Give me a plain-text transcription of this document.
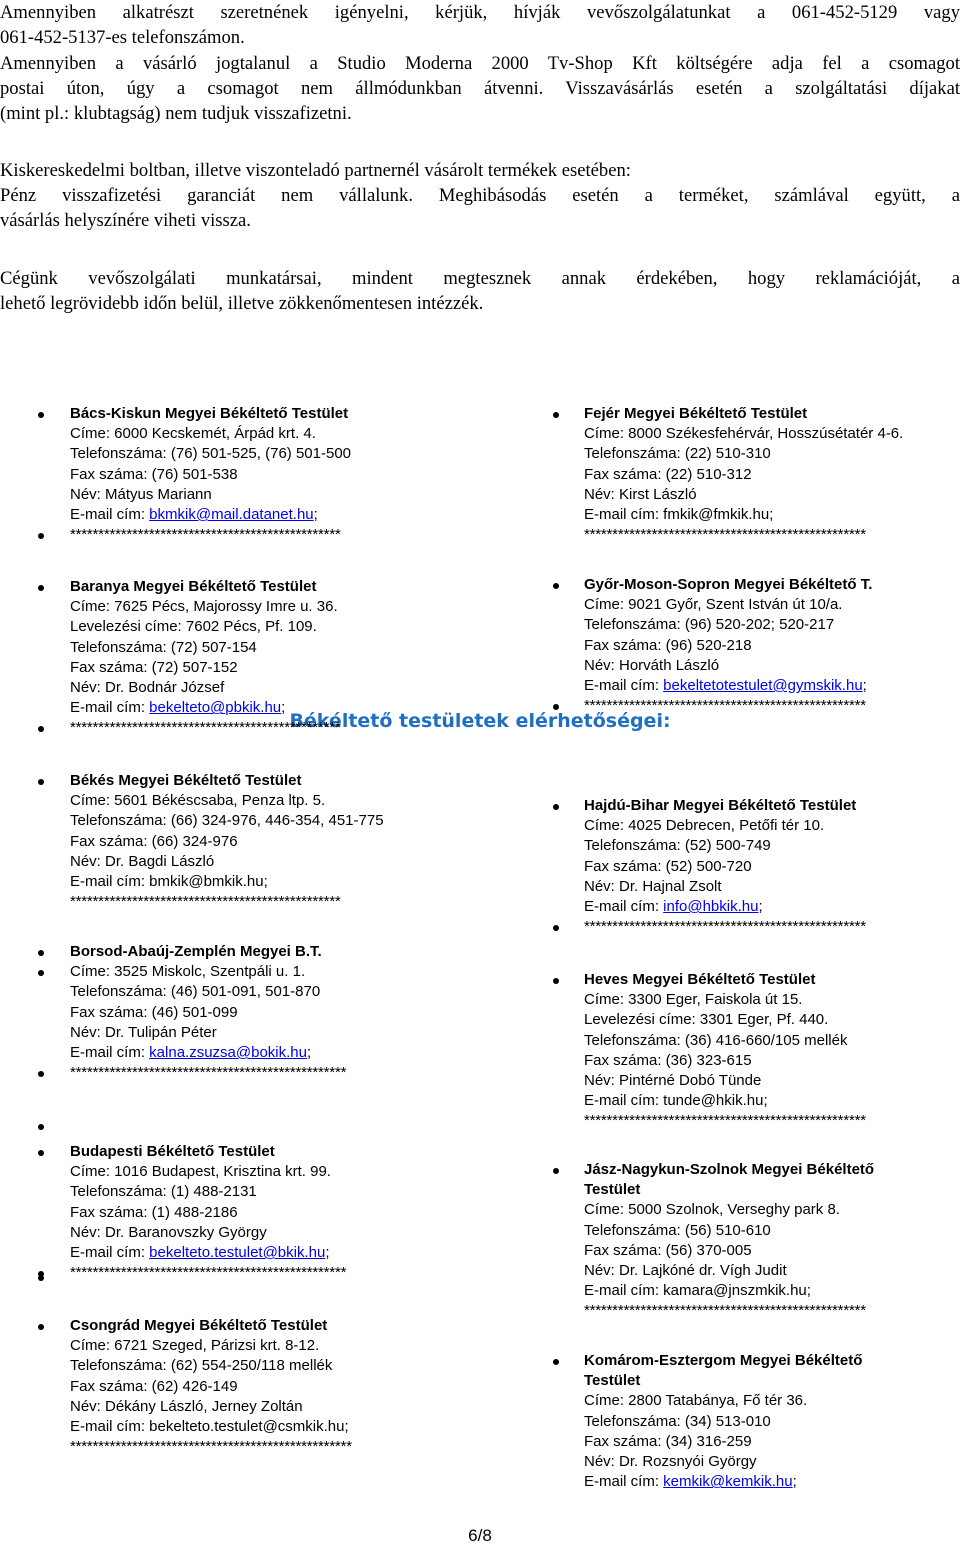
Amennyiben alkatrészt szeretnének igényelni, kérjük, hívják vevőszolgálatunkat a 061-452-5129 vagy
061-452-5137-es telefonszámon.
Amennyiben a vásárló jogtalanul a Studio Moderna 2000 Tv-Shop Kft költségére adja fel a csomagot
postai úton, úgy a csomagot nem állmódunkban átvenni. Visszavásárlás esetén a szolgáltatási díjakat
(mint pl.: klubtagság) nem tudjuk visszafizetni.
Kiskereskedelmi boltban, illetve viszonteladó partnernél vásárolt termékek esetében:
Pénz visszafizetési garanciát nem vállalunk. Meghibásodás esetén a terméket, számlával együtt, a
vásárlás helyszínére viheti vissza.
Cégünk vevőszolgálati munkatársai, mindent megtesznek annak érdekében, hogy reklamációját, a
lehető legrövidebb időn belül, illetve zökkenőmentesen intézzék.
Békéltető testületek elérhetőségei:
Bács-Kiskun Megyei Békéltető Testület
Címe: 6000 Kecskemét, Árpád krt. 4.
Telefonszáma: (76) 501-525, (76) 501-500
Fax száma: (76) 501-538
Név: Mátyus Mariann
E-mail cím: bkmkik@mail.datanet.hu;
************************************************
Baranya Megyei Békéltető Testület
Címe: 7625 Pécs, Majorossy Imre u. 36.
Levelezési címe: 7602 Pécs, Pf. 109.
Telefonszáma: (72) 507-154
Fax száma: (72) 507-152
Név: Dr. Bodnár József
E-mail cím: bekelteto@pbkik.hu;
************************************************
Békés Megyei Békéltető Testület
Címe: 5601 Békéscsaba, Penza ltp. 5.
Telefonszáma: (66) 324-976, 446-354, 451-775
Fax száma: (66) 324-976
Név: Dr. Bagdi László
E-mail cím: bmkik@bmkik.hu;
************************************************
Borsod-Abaúj-Zemplén Megyei B.T.
Címe: 3525 Miskolc, Szentpáli u. 1.
Telefonszáma: (46) 501-091, 501-870
Fax száma: (46) 501-099
Név: Dr. Tulipán Péter
E-mail cím: kalna.zsuzsa@bokik.hu;
*************************************************
Budapesti Békéltető Testület
Címe: 1016 Budapest, Krisztina krt. 99.
Telefonszáma: (1) 488-2131
Fax száma: (1) 488-2186
Név: Dr. Baranovszky György
E-mail cím: bekelteto.testulet@bkik.hu;
*************************************************
Csongrád Megyei Békéltető Testület
Címe: 6721 Szeged, Párizsi krt. 8-12.
Telefonszáma: (62) 554-250/118 mellék
Fax száma: (62) 426-149
Név: Dékány László, Jerney Zoltán
E-mail cím: bekelteto.testulet@csmkik.hu;
**************************************************
Fejér Megyei Békéltető Testület
Címe: 8000 Székesfehérvár, Hosszúsétatér 4-6.
Telefonszáma: (22) 510-310
Fax száma: (22) 510-312
Név: Kirst László
E-mail cím: fmkik@fmkik.hu;
**************************************************
Győr-Moson-Sopron Megyei Békéltető T.
Címe: 9021 Győr, Szent István út 10/a.
Telefonszáma: (96) 520-202; 520-217
Fax száma: (96) 520-218
Név: Horváth László
E-mail cím: bekeltetotestulet@gymskik.hu;
**************************************************
Hajdú-Bihar Megyei Békéltető Testület
Címe: 4025 Debrecen, Petőfi tér 10.
Telefonszáma: (52) 500-749
Fax száma: (52) 500-720
Név: Dr. Hajnal Zsolt
E-mail cím: info@hbkik.hu;
**************************************************
Heves Megyei Békéltető Testület
Címe: 3300 Eger, Faiskola út 15.
Levelezési címe: 3301 Eger, Pf. 440.
Telefonszáma: (36) 416-660/105 mellék
Fax száma: (36) 323-615
Név: Pintérné Dobó Tünde
E-mail cím: tunde@hkik.hu;
**************************************************
Jász-Nagykun-Szolnok Megyei Békéltető
Testület
Címe: 5000 Szolnok, Verseghy park 8.
Telefonszáma: (56) 510-610
Fax száma: (56) 370-005
Név: Dr. Lajkóné dr. Vígh Judit
E-mail cím: kamara@jnszmkik.hu;
**************************************************
Komárom-Esztergom Megyei Békéltető
Testület
Címe: 2800 Tatabánya, Fő tér 36.
Telefonszáma: (34) 513-010
Fax száma: (34) 316-259
Név: Dr. Rozsnyói György
E-mail cím: kemkik@kemkik.hu;
6/8
